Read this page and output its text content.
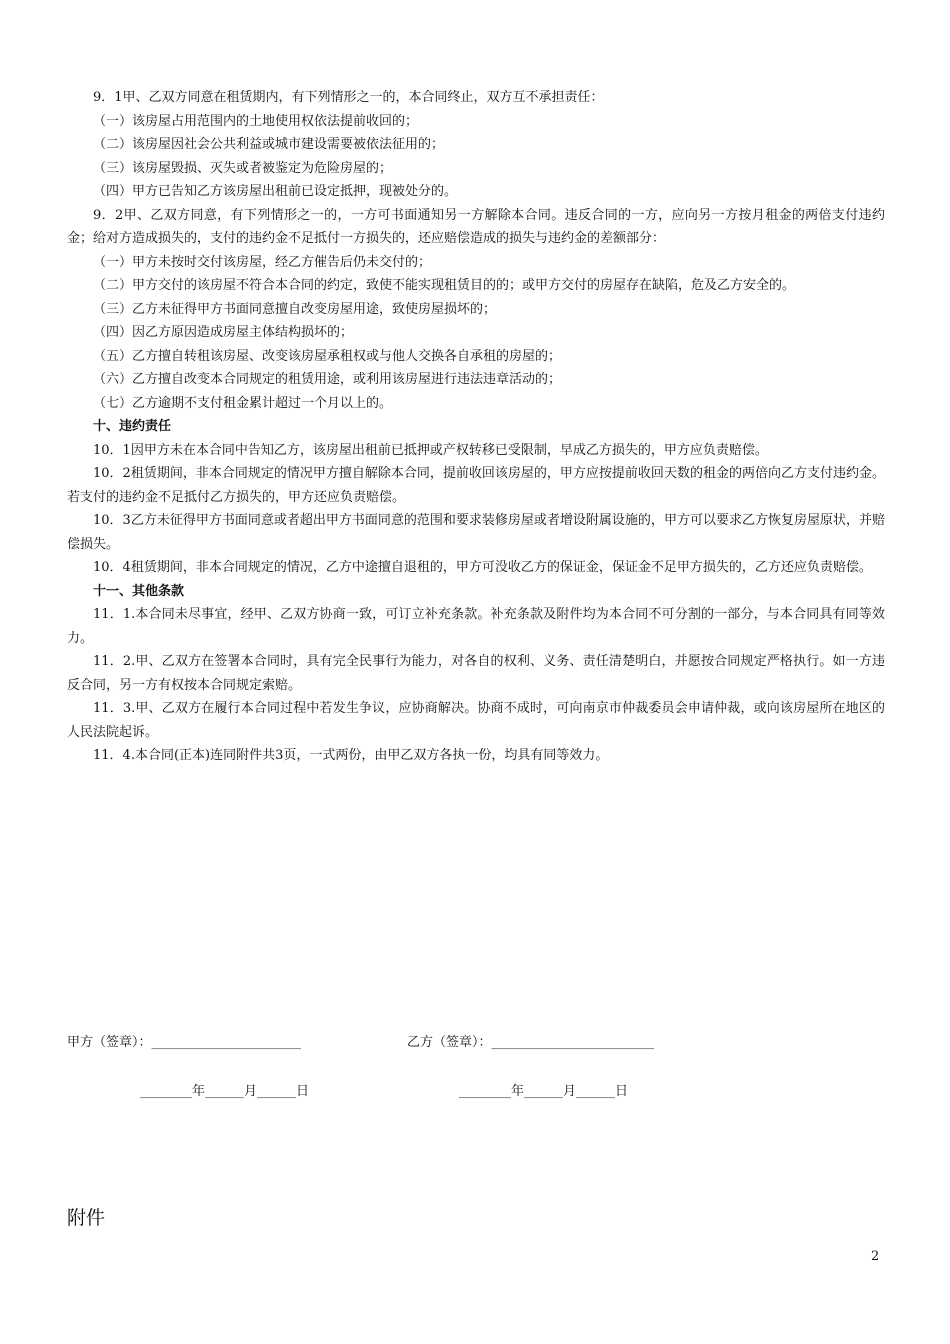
9．1甲、乙双方同意在租赁期内，有下列情形之一的，本合同终止，双方互不承担责任：

（一）该房屋占用范围内的土地使用权依法提前收回的；

（二）该房屋因社会公共利益或城市建设需要被依法征用的；

（三）该房屋毁损、灭失或者被鉴定为危险房屋的；

（四）甲方已告知乙方该房屋出租前已设定抵押，现被处分的。

9．2甲、乙双方同意，有下列情形之一的，一方可书面通知另一方解除本合同。违反合同的一方，应向另一方按月租金的两倍支付违约金；给对方造成损失的，支付的违约金不足抵付一方损失的，还应赔偿造成的损失与违约金的差额部分：

（一）甲方未按时交付该房屋，经乙方催告后仍未交付的；

（二）甲方交付的该房屋不符合本合同的约定，致使不能实现租赁目的的；或甲方交付的房屋存在缺陷，危及乙方安全的。

（三）乙方未征得甲方书面同意擅自改变房屋用途，致使房屋损坏的；

（四）因乙方原因造成房屋主体结构损坏的；

（五）乙方擅自转租该房屋、改变该房屋承租权或与他人交换各自承租的房屋的；

（六）乙方擅自改变本合同规定的租赁用途，或利用该房屋进行违法违章活动的；

（七）乙方逾期不支付租金累计超过一个月以上的。

十、违约责任

10．1因甲方未在本合同中告知乙方，该房屋出租前已抵押或产权转移已受限制，早成乙方损失的，甲方应负责赔偿。

10．2租赁期间，非本合同规定的情况甲方擅自解除本合同，提前收回该房屋的，甲方应按提前收回天数的租金的两倍向乙方支付违约金。若支付的违约金不足抵付乙方损失的，甲方还应负责赔偿。

10．3乙方未征得甲方书面同意或者超出甲方书面同意的范围和要求装修房屋或者增设附属设施的，甲方可以要求乙方恢复房屋原状，并赔偿损失。

10．4租赁期间，非本合同规定的情况，乙方中途擅自退租的，甲方可没收乙方的保证金，保证金不足甲方损失的，乙方还应负责赔偿。

十一、其他条款

11．1.本合同未尽事宜，经甲、乙双方协商一致，可订立补充条款。补充条款及附件均为本合同不可分割的一部分，与本合同具有同等效力。

11．2.甲、乙双方在签署本合同时，具有完全民事行为能力，对各自的权利、义务、责任清楚明白，并愿按合同规定严格执行。如一方违反合同，另一方有权按本合同规定索赔。

11．3.甲、乙双方在履行本合同过程中若发生争议，应协商解决。协商不成时，可向南京市仲裁委员会申请仲裁，或向该房屋所在地区的人民法院起诉。

11．4.本合同(正本)连同附件共3页，一式两份，由甲乙双方各执一份，均具有同等效力。

甲方（签章）：_______________________	乙方（签章）：_________________________
________年______月______日	________年______月______日
附件
2
